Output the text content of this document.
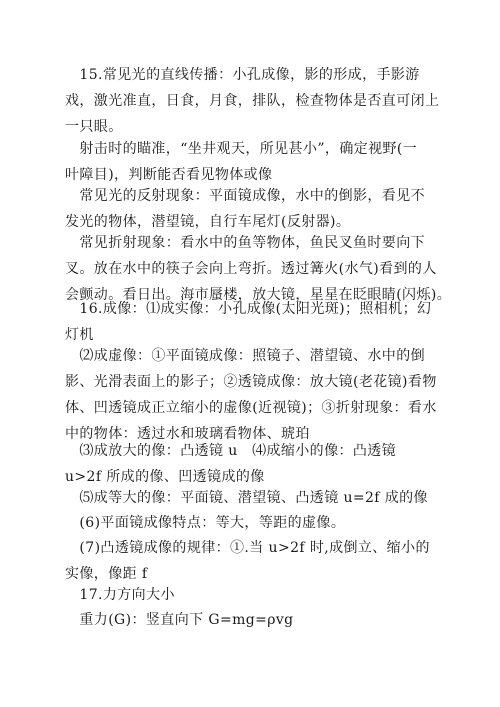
　15.常见光的直线传播：小孔成像，影的形成，手影游
戏，激光准直，日食，月食，排队，检查物体是否直可闭上
一只眼。
　射击时的瞄准，“坐井观天，所见甚小”，确定视野(一
叶障目)，判断能否看见物体或像
　常见光的反射现象：平面镜成像，水中的倒影，看见不
发光的物体，潜望镜，自行车尾灯(反射器)。
　常见折射现象：看水中的鱼等物体，鱼民叉鱼时要向下
叉。放在水中的筷子会向上弯折。透过篝火(水气)看到的人
会颤动。看日出。海市蜃楼，放大镜，星星在眨眼睛(闪烁)。
　16.成像：⑴成实像：小孔成像(太阳光斑)；照相机；幻
灯机
　⑵成虚像：①平面镜成像：照镜子、潜望镜、水中的倒
影、光滑表面上的影子；②透镜成像：放大镜(老花镜)看物
体、凹透镜成正立缩小的虚像(近视镜)；③折射现象：看水
中的物体：透过水和玻璃看物体、琥珀
　⑶成放大的像：凸透镜 u　⑷成缩小的像：凸透镜
u>2f 所成的像、凹透镜成的像
　⑸成等大的像：平面镜、潜望镜、凸透镜 u=2f 成的像
　(6)平面镜成像特点：等大，等距的虚像。
　(7)凸透镜成像的规律：①.当 u>2f 时,成倒立、缩小的
实像，像距 f
　17.力方向大小
　重力(G)：竖直向下 G=mg=ρvg
